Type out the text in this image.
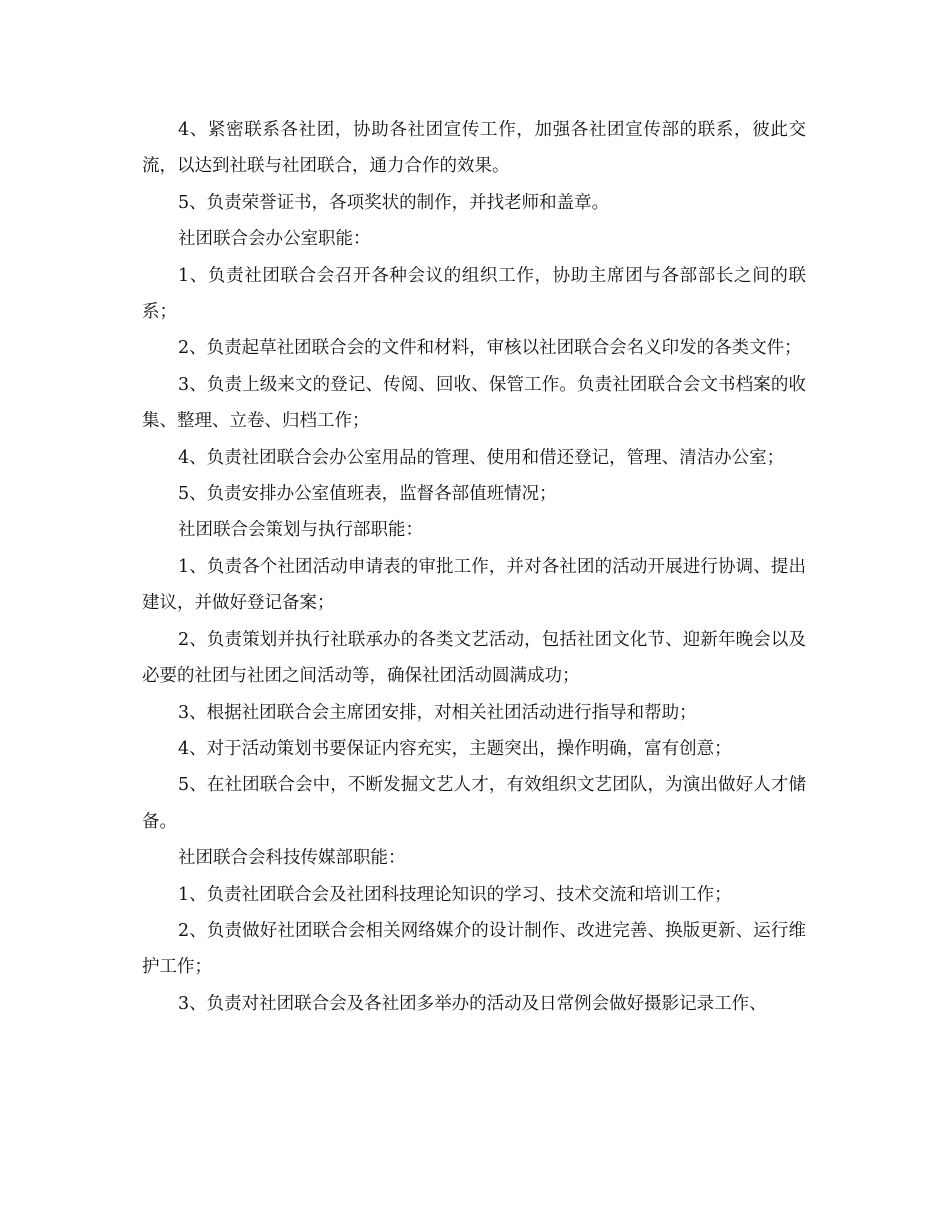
4、紧密联系各社团，协助各社团宣传工作，加强各社团宣传部的联系，彼此交流，以达到社联与社团联合，通力合作的效果。

5、负责荣誉证书，各项奖状的制作，并找老师和盖章。

社团联合会办公室职能：

1、负责社团联合会召开各种会议的组织工作，协助主席团与各部部长之间的联系；

2、负责起草社团联合会的文件和材料，审核以社团联合会名义印发的各类文件；

3、负责上级来文的登记、传阅、回收、保管工作。负责社团联合会文书档案的收集、整理、立卷、归档工作；

4、负责社团联合会办公室用品的管理、使用和借还登记，管理、清洁办公室；

5、负责安排办公室值班表，监督各部值班情况；

社团联合会策划与执行部职能：

1、负责各个社团活动申请表的审批工作，并对各社团的活动开展进行协调、提出建议，并做好登记备案；

2、负责策划并执行社联承办的各类文艺活动，包括社团文化节、迎新年晚会以及必要的社团与社团之间活动等，确保社团活动圆满成功；

3、根据社团联合会主席团安排，对相关社团活动进行指导和帮助；

4、对于活动策划书要保证内容充实，主题突出，操作明确，富有创意；

5、在社团联合会中，不断发掘文艺人才，有效组织文艺团队，为演出做好人才储备。

社团联合会科技传媒部职能：

1、负责社团联合会及社团科技理论知识的学习、技术交流和培训工作；

2、负责做好社团联合会相关网络媒介的设计制作、改进完善、换版更新、运行维护工作；

3、负责对社团联合会及各社团多举办的活动及日常例会做好摄影记录工作、
